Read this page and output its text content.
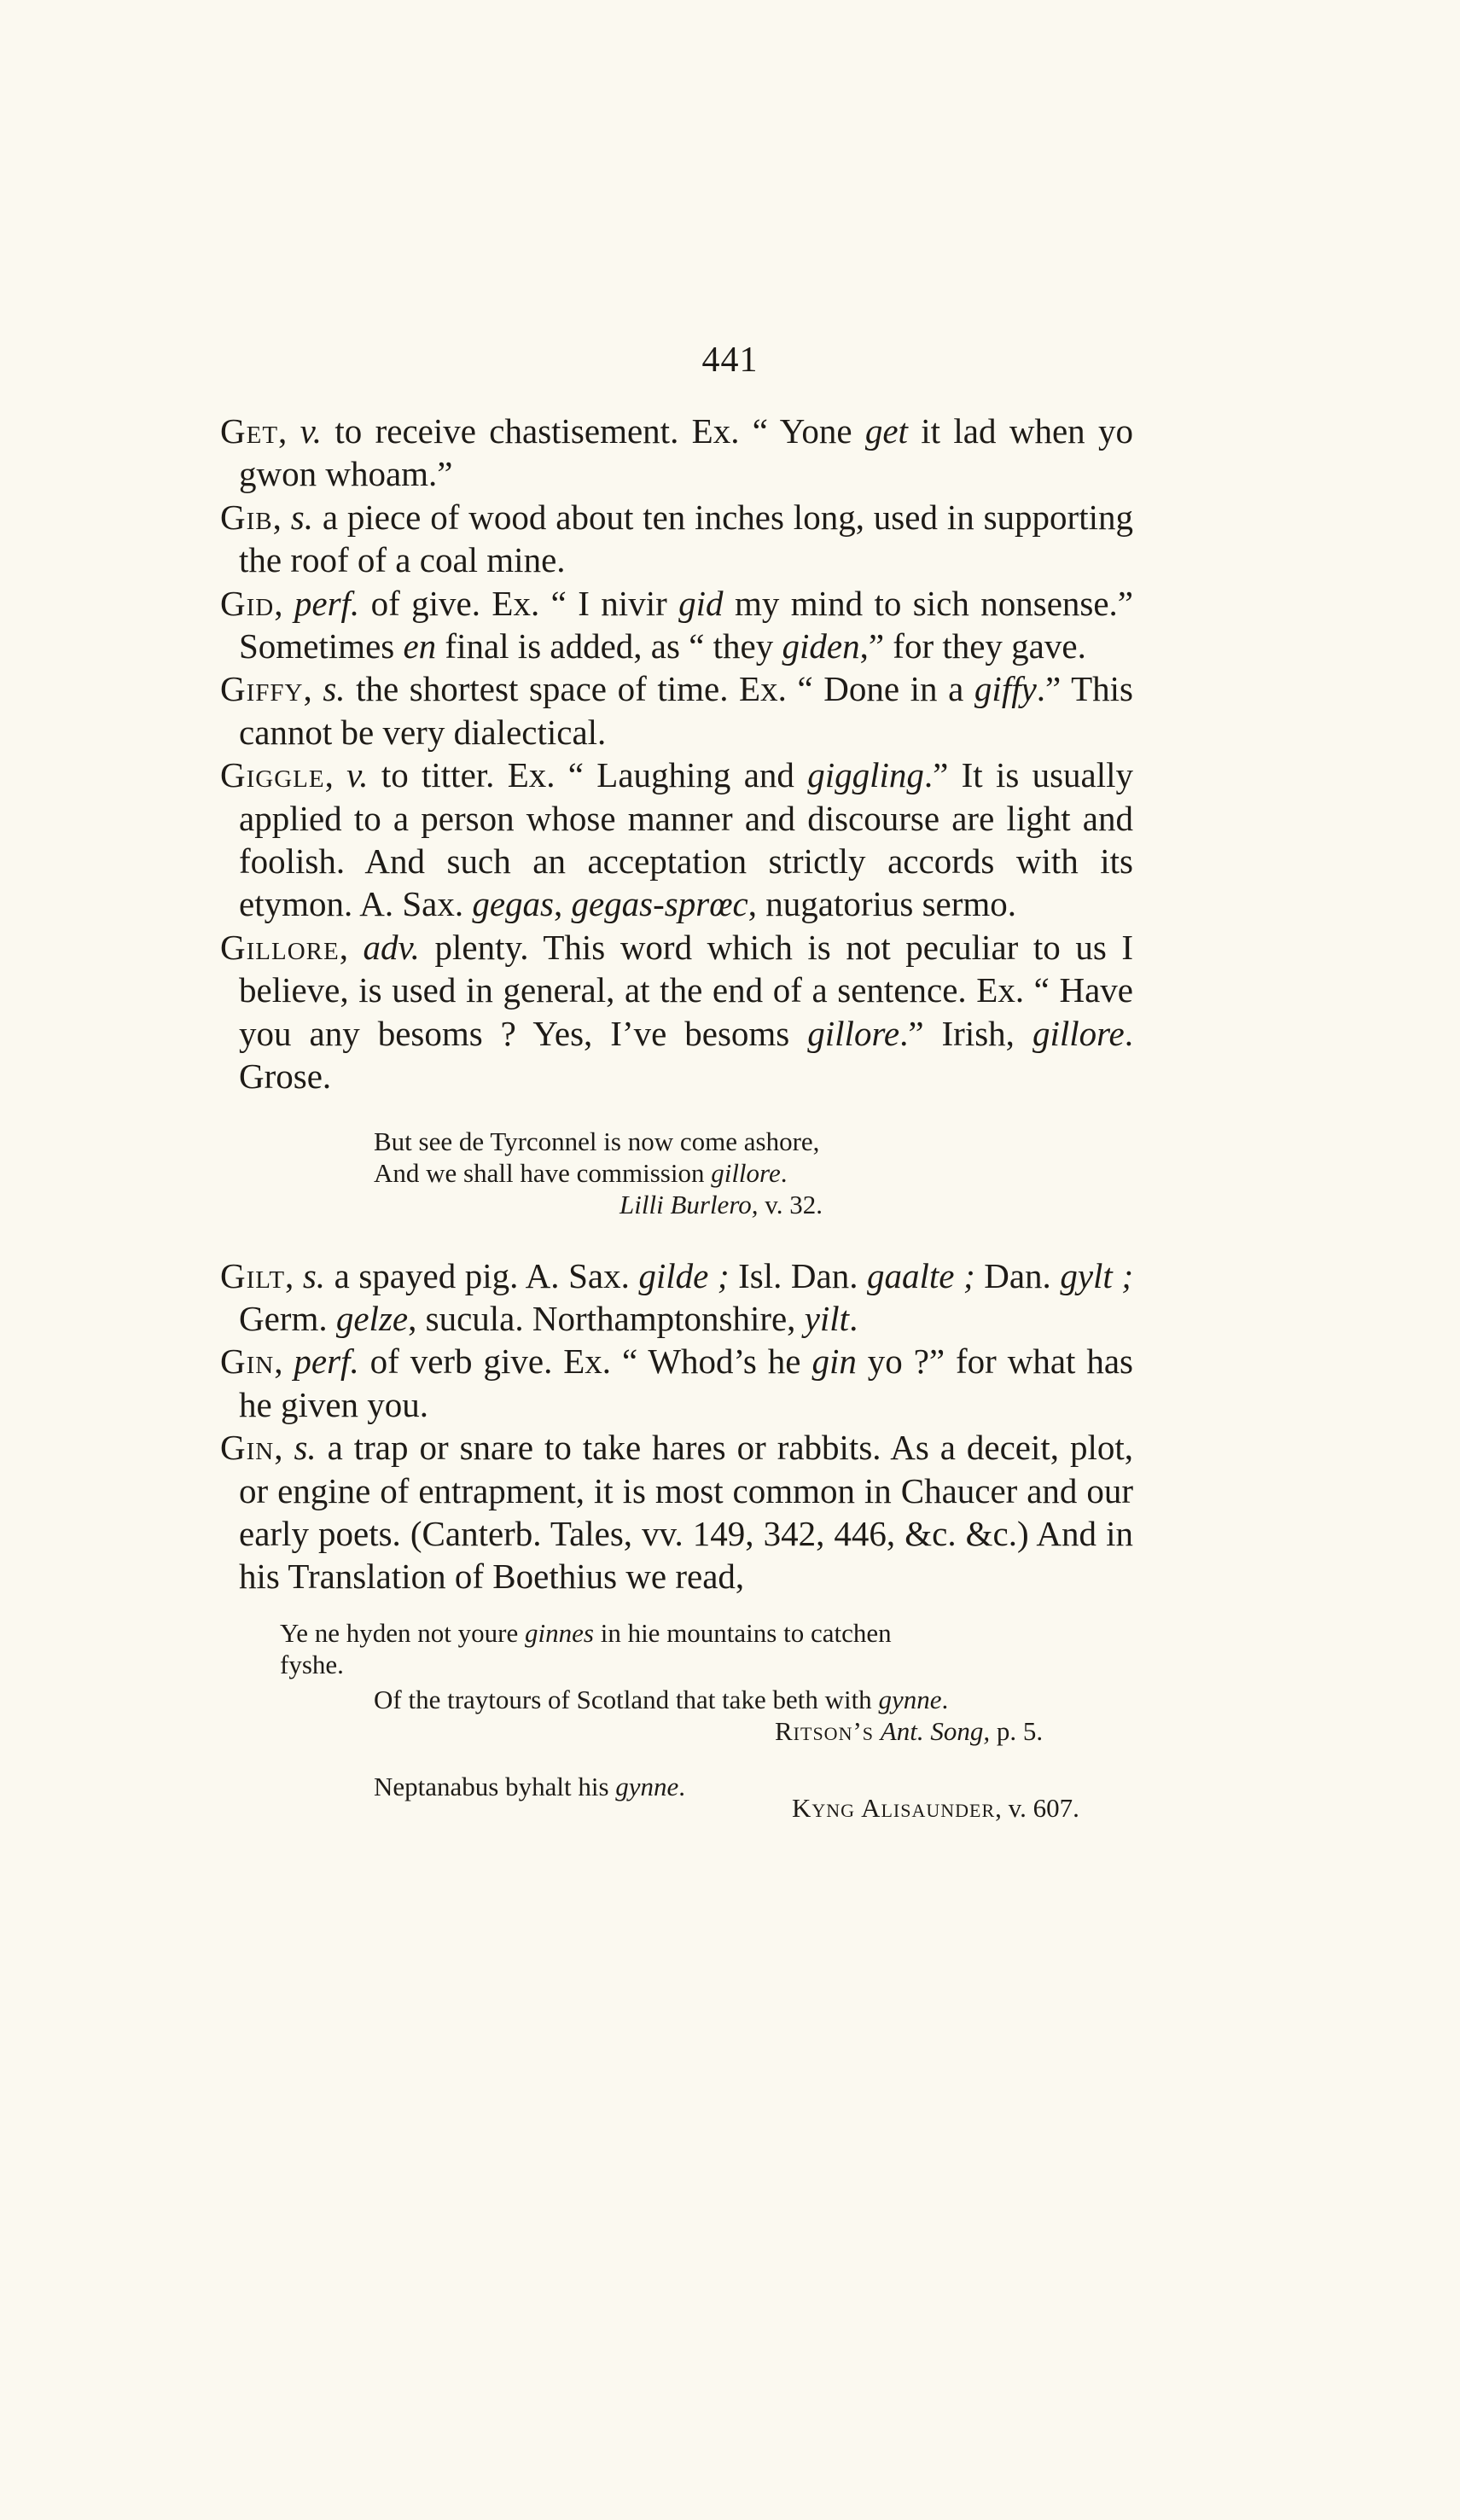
441

Get, v. to receive chastisement. Ex. “ Yone get it lad when yo gwon whoam.”

Gib, s. a piece of wood about ten inches long, used in supporting the roof of a coal mine.

Gid, perf. of give. Ex. “ I nivir gid my mind to sich nonsense.” Sometimes en final is added, as “ they giden,” for they gave.

Giffy, s. the shortest space of time. Ex. “ Done in a giffy.” This cannot be very dialectical.

Giggle, v. to titter. Ex. “ Laughing and giggling.” It is usually applied to a person whose manner and discourse are light and foolish. And such an acceptation strictly accords with its etymon. A. Sax. gegas, gegas-sprœc, nugatorius sermo.

Gillore, adv. plenty. This word which is not peculiar to us I believe, is used in general, at the end of a sentence. Ex. “ Have you any besoms ? Yes, I’ve besoms gillore.” Irish, gillore. Grose.

But see de Tyrconnel is now come ashore,
And we shall have commission gillore.
Lilli Burlero, v. 32.

Gilt, s. a spayed pig. A. Sax. gilde ; Isl. Dan. gaalte ; Dan. gylt ; Germ. gelze, sucula. Northamptonshire, yilt.

Gin, perf. of verb give. Ex. “ Whod’s he gin yo ?” for what has he given you.

Gin, s. a trap or snare to take hares or rabbits. As a deceit, plot, or engine of entrapment, it is most common in Chaucer and our early poets. (Canterb. Tales, vv. 149, 342, 446, &c. &c.) And in his Translation of Boethius we read,

Ye ne hyden not youre ginnes in hie mountains to catchen
fyshe.
Of the traytours of Scotland that take beth with gynne.
Ritson’s Ant. Song, p. 5.
Neptanabus byhalt his gynne.
Kyng Alisaunder, v. 607.
